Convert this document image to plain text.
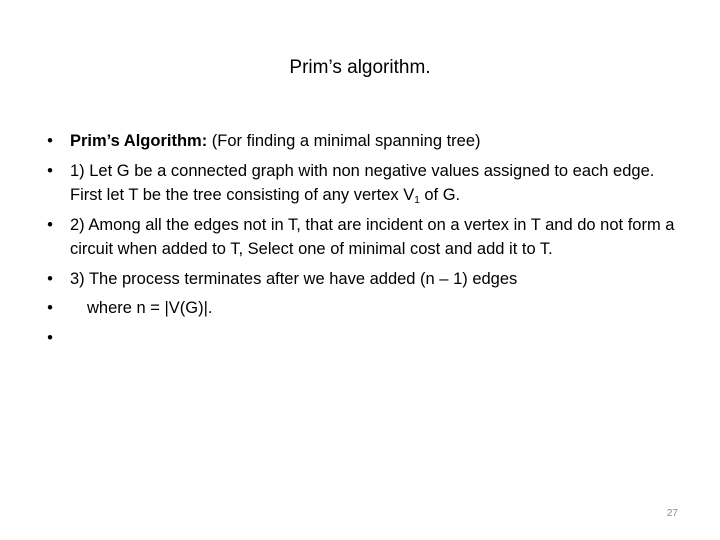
Prim’s algorithm.
• Prim’s Algorithm: (For finding a minimal spanning tree)
• 1) Let G be a connected graph with non negative values assigned to each edge. First let T be the tree consisting of any vertex $V_1$ of G.
• 2) Among all the edges not in T, that are incident on a vertex in T and do not form a circuit when added to T, Select one of minimal cost and add it to T.
• 3) The process terminates after we have added (n – 1) edges
• where n = |V(G)|.
•
27
